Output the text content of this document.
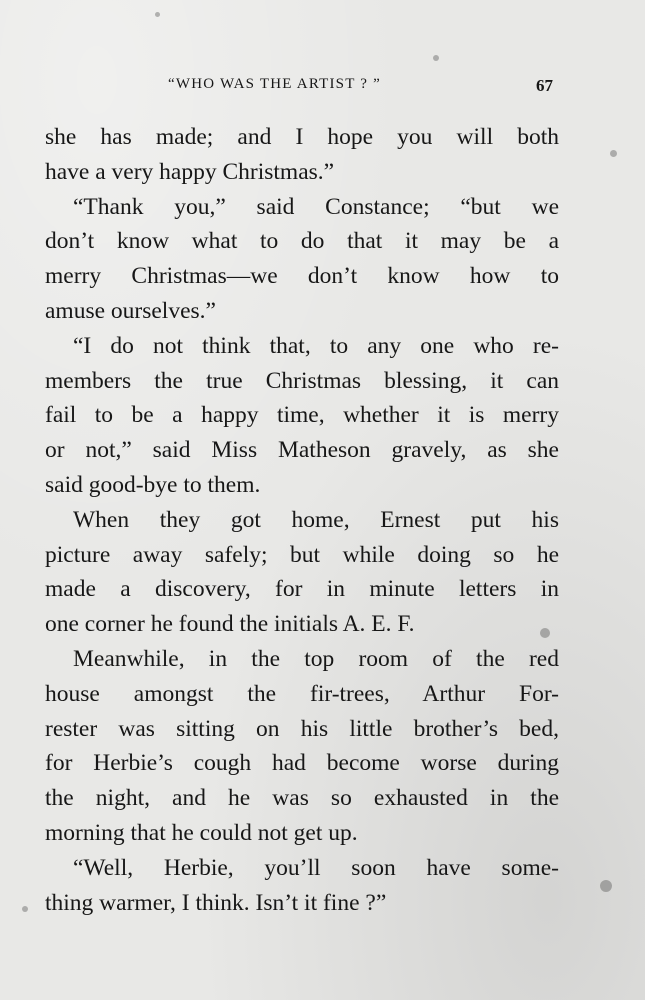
“WHO WAS THE ARTIST ? ”	67
she has made; and I hope you will both
have a very happy Christmas.”
“Thank you,” said Constance; “but we
don’t know what to do that it may be a
merry Christmas—we don’t know how to
amuse ourselves.”
“I do not think that, to any one who re-
members the true Christmas blessing, it can
fail to be a happy time, whether it is merry
or not,” said Miss Matheson gravely, as she
said good-bye to them.
When they got home, Ernest put his
picture away safely; but while doing so he
made a discovery, for in minute letters in
one corner he found the initials A. E. F.
Meanwhile, in the top room of the red
house amongst the fir-trees, Arthur For-
rester was sitting on his little brother’s bed,
for Herbie’s cough had become worse during
the night, and he was so exhausted in the
morning that he could not get up.
“Well, Herbie, you’ll soon have some-
thing warmer, I think. Isn’t it fine ?”
